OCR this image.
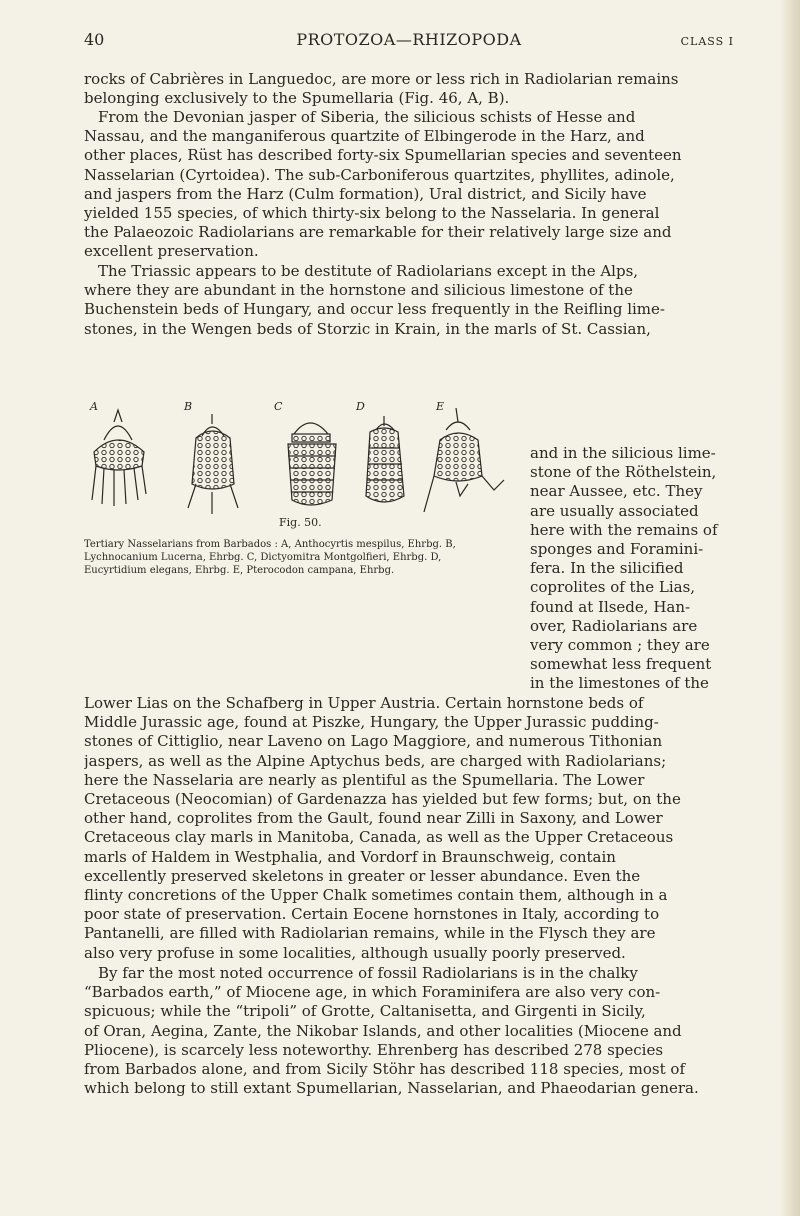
40	PROTOZOA—RHIZOPODA	CLASS I
rocks of Cabrières in Languedoc, are more or less rich in Radiolarian remains
belonging exclusively to the Spumellaria (Fig. 46, A, B).
From the Devonian jasper of Siberia, the silicious schists of Hesse and
Nassau, and the manganiferous quartzite of Elbingerode in the Harz, and
other places, Rüst has described forty-six Spumellarian species and seventeen
Nasselarian (Cyrtoidea). The sub-Carboniferous quartzites, phyllites, adinole,
and jaspers from the Harz (Culm formation), Ural district, and Sicily have
yielded 155 species, of which thirty-six belong to the Nasselaria. In general
the Palaeozoic Radiolarians are remarkable for their relatively large size and
excellent preservation.
The Triassic appears to be destitute of Radiolarians except in the Alps,
where they are abundant in the hornstone and silicious limestone of the
Buchenstein beds of Hungary, and occur less frequently in the Reifling lime-
stones, in the Wengen beds of Storzic in Krain, in the marls of St. Cassian,
A	B	C	D	E
Fig. 50.
Tertiary Nasselarians from Barbados : A, Anthocyrtis mespilus, Ehrbg. B,
Lychnocanium Lucerna, Ehrbg. C, Dictyomitra Montgolfieri, Ehrbg. D,
Eucyrtidium elegans, Ehrbg. E, Pterocodon campana, Ehrbg.
and in the silicious lime-
stone of the Röthelstein,
near Aussee, etc. They
are usually associated
here with the remains of
sponges and Foramini-
fera. In the silicified
coprolites of the Lias,
found at Ilsede, Han-
over, Radiolarians are
very common ; they are
somewhat less frequent
in the limestones of the
Lower Lias on the Schafberg in Upper Austria. Certain hornstone beds of
Middle Jurassic age, found at Piszke, Hungary, the Upper Jurassic pudding-
stones of Cittiglio, near Laveno on Lago Maggiore, and numerous Tithonian
jaspers, as well as the Alpine Aptychus beds, are charged with Radiolarians;
here the Nasselaria are nearly as plentiful as the Spumellaria. The Lower
Cretaceous (Neocomian) of Gardenazza has yielded but few forms; but, on the
other hand, coprolites from the Gault, found near Zilli in Saxony, and Lower
Cretaceous clay marls in Manitoba, Canada, as well as the Upper Cretaceous
marls of Haldem in Westphalia, and Vordorf in Braunschweig, contain
excellently preserved skeletons in greater or lesser abundance. Even the
flinty concretions of the Upper Chalk sometimes contain them, although in a
poor state of preservation. Certain Eocene hornstones in Italy, according to
Pantanelli, are filled with Radiolarian remains, while in the Flysch they are
also very profuse in some localities, although usually poorly preserved.
By far the most noted occurrence of fossil Radiolarians is in the chalky
“Barbados earth,” of Miocene age, in which Foraminifera are also very con-
spicuous; while the “tripoli” of Grotte, Caltanisetta, and Girgenti in Sicily,
of Oran, Aegina, Zante, the Nikobar Islands, and other localities (Miocene and
Pliocene), is scarcely less noteworthy. Ehrenberg has described 278 species
from Barbados alone, and from Sicily Stöhr has described 118 species, most of
which belong to still extant Spumellarian, Nasselarian, and Phaeodarian genera.
